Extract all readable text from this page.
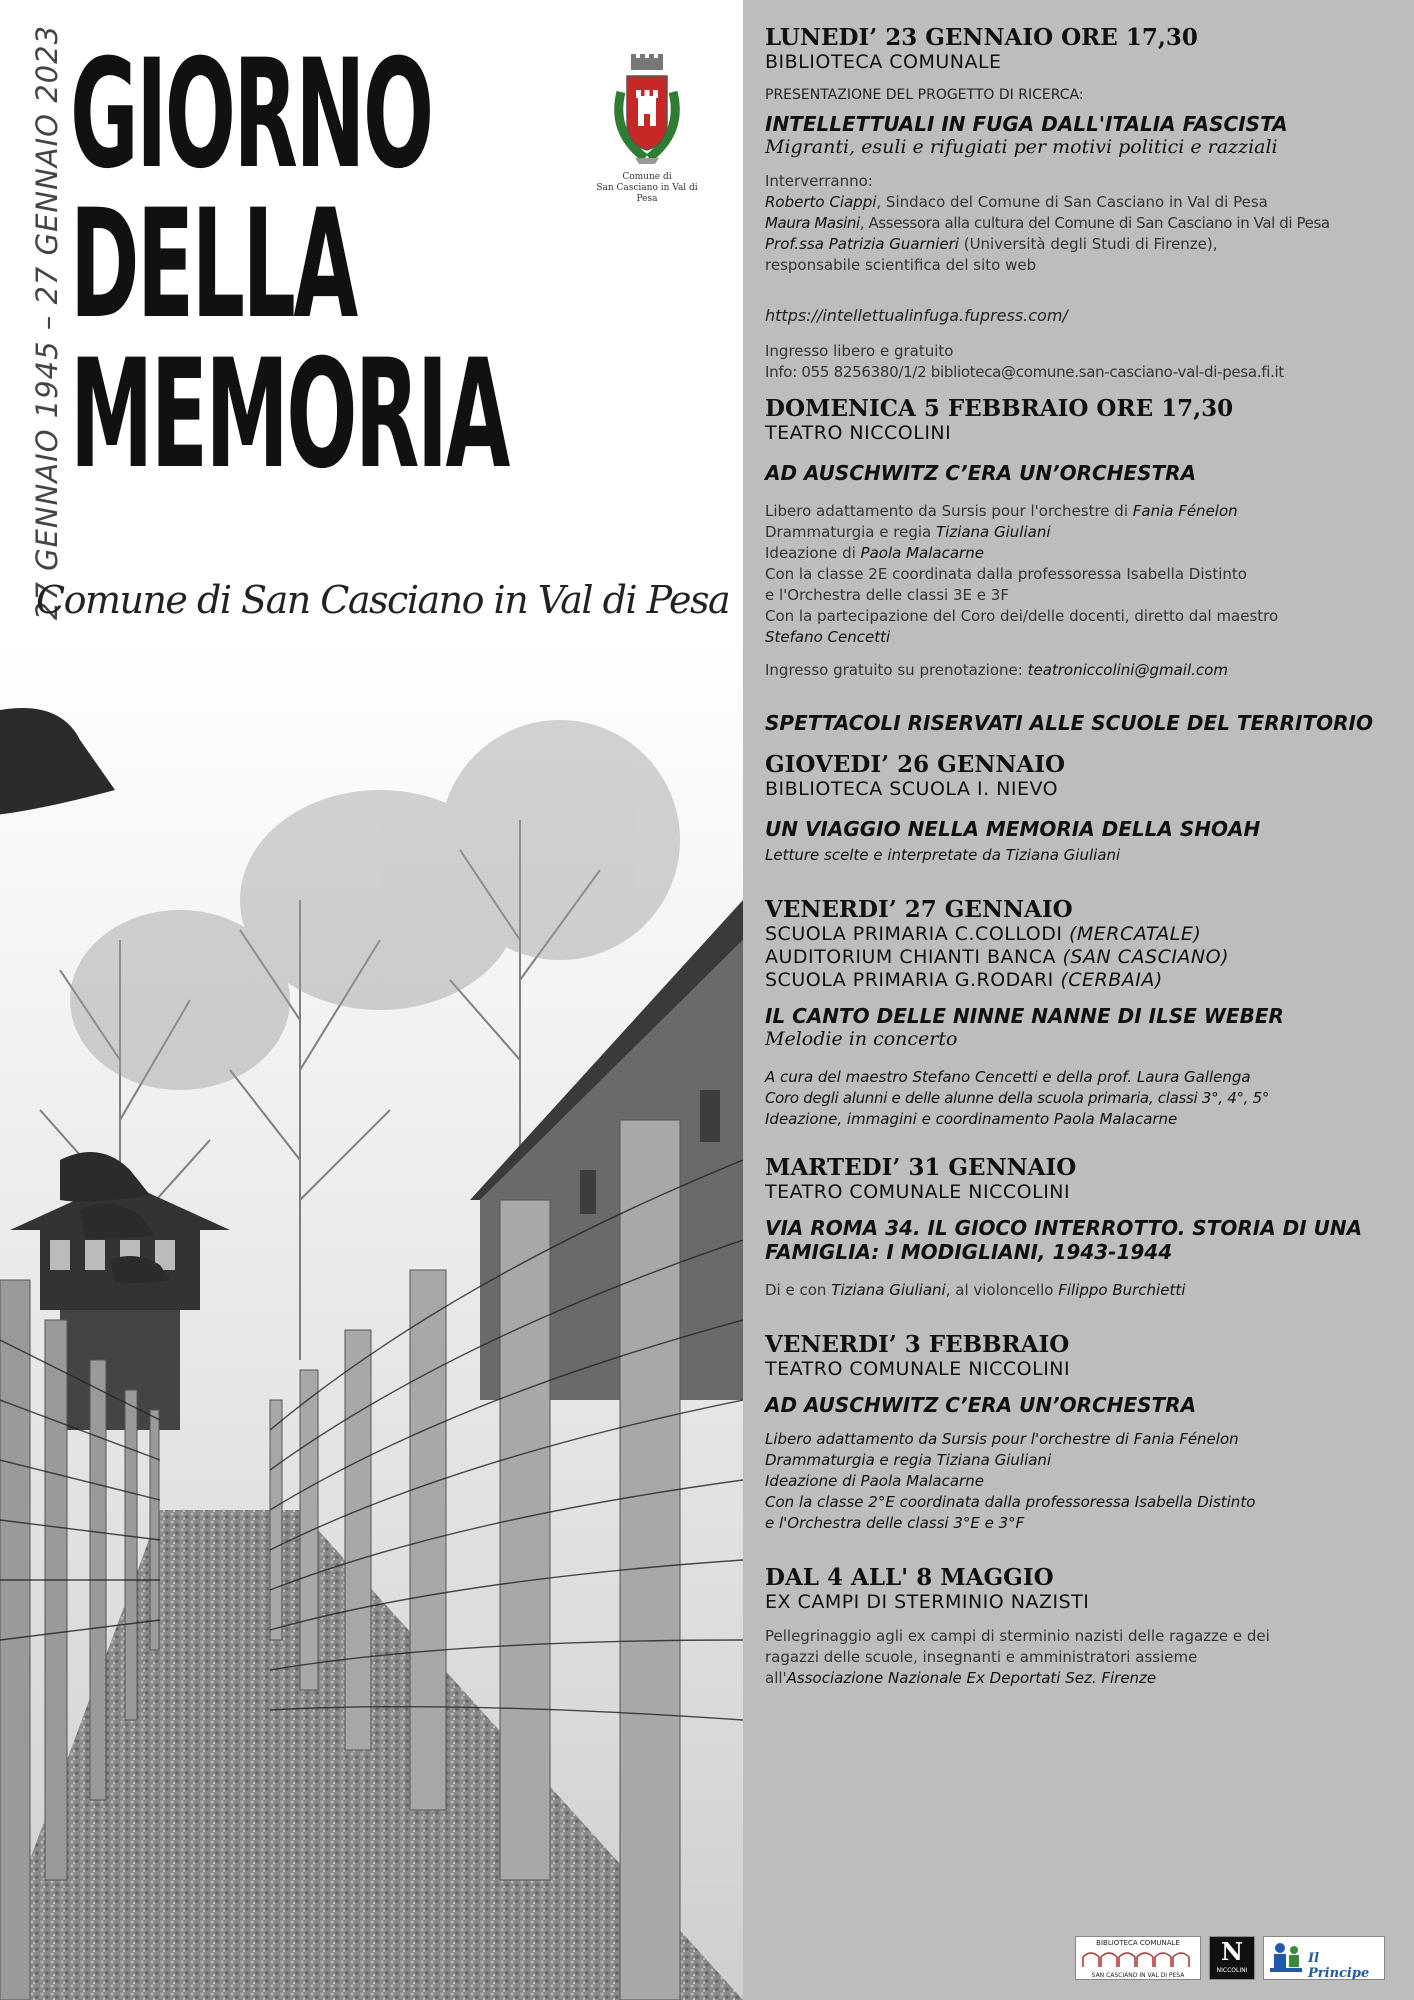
27 GENNAIO 1945 – 27 GENNAIO 2023 GIORNO
DELLA
MEMORIA
Comune di
San Casciano in Val di Pesa
Comune di San Casciano in Val di Pesa
LUNEDI’ 23 GENNAIO ORE 17,30
BIBLIOTECA COMUNALE
PRESENTAZIONE DEL PROGETTO DI RICERCA:
INTELLETTUALI IN FUGA DALL'ITALIA FASCISTA
Migranti, esuli e rifugiati per motivi politici e razziali
Interverranno:
Roberto Ciappi, Sindaco del Comune di San Casciano in Val di Pesa
Maura Masini, Assessora alla cultura del Comune di San Casciano in Val di Pesa
Prof.ssa Patrizia Guarnieri (Università degli Studi di Firenze),
responsabile scientifica del sito web
https://intellettualinfuga.fupress.com/
Ingresso libero e gratuito
Info: 055 8256380/1/2 biblioteca@comune.san-casciano-val-di-pesa.fi.it
DOMENICA 5 FEBBRAIO ORE 17,30
TEATRO NICCOLINI
AD AUSCHWITZ C’ERA UN’ORCHESTRA
Libero adattamento da Sursis pour l'orchestre di Fania Fénelon
Drammaturgia e regia Tiziana Giuliani
Ideazione di Paola Malacarne
Con la classe 2E coordinata dalla professoressa Isabella Distinto
e l'Orchestra delle classi 3E e 3F
Con la partecipazione del Coro dei/delle docenti, diretto dal maestro
Stefano Cencetti
Ingresso gratuito su prenotazione: teatroniccolini@gmail.com
SPETTACOLI RISERVATI ALLE SCUOLE DEL TERRITORIO
GIOVEDI’ 26 GENNAIO
BIBLIOTECA SCUOLA I. NIEVO
UN VIAGGIO NELLA MEMORIA DELLA SHOAH
Letture scelte e interpretate da Tiziana Giuliani
VENERDI’ 27 GENNAIO
SCUOLA PRIMARIA C.COLLODI (MERCATALE)
AUDITORIUM CHIANTI BANCA (SAN CASCIANO)
SCUOLA PRIMARIA G.RODARI (CERBAIA)
IL CANTO DELLE NINNE NANNE DI ILSE WEBER
Melodie in concerto
A cura del maestro Stefano Cencetti e della prof. Laura Gallenga
Coro degli alunni e delle alunne della scuola primaria, classi 3°, 4°, 5°
Ideazione, immagini e coordinamento Paola Malacarne
MARTEDI’ 31 GENNAIO
TEATRO COMUNALE NICCOLINI
VIA ROMA 34. IL GIOCO INTERROTTO. STORIA DI UNA
FAMIGLIA: I MODIGLIANI, 1943-1944
Di e con Tiziana Giuliani, al violoncello Filippo Burchietti
VENERDI’ 3 FEBBRAIO
TEATRO COMUNALE NICCOLINI
AD AUSCHWITZ C’ERA UN’ORCHESTRA
Libero adattamento da Sursis pour l'orchestre di Fania Fénelon
Drammaturgia e regia Tiziana Giuliani
Ideazione di Paola Malacarne
Con la classe 2°E coordinata dalla professoressa Isabella Distinto
e l'Orchestra delle classi 3°E e 3°F
DAL 4 ALL' 8 MAGGIO
EX CAMPI DI STERMINIO NAZISTI
Pellegrinaggio agli ex campi di sterminio nazisti delle ragazze e dei
ragazzi delle scuole, insegnanti e amministratori assieme
all'Associazione Nazionale Ex Deportati Sez. Firenze
BIBLIOTECA COMUNALE
SAN CASCIANO IN VAL DI PESA
N
NICCOLINI
Il Principe
